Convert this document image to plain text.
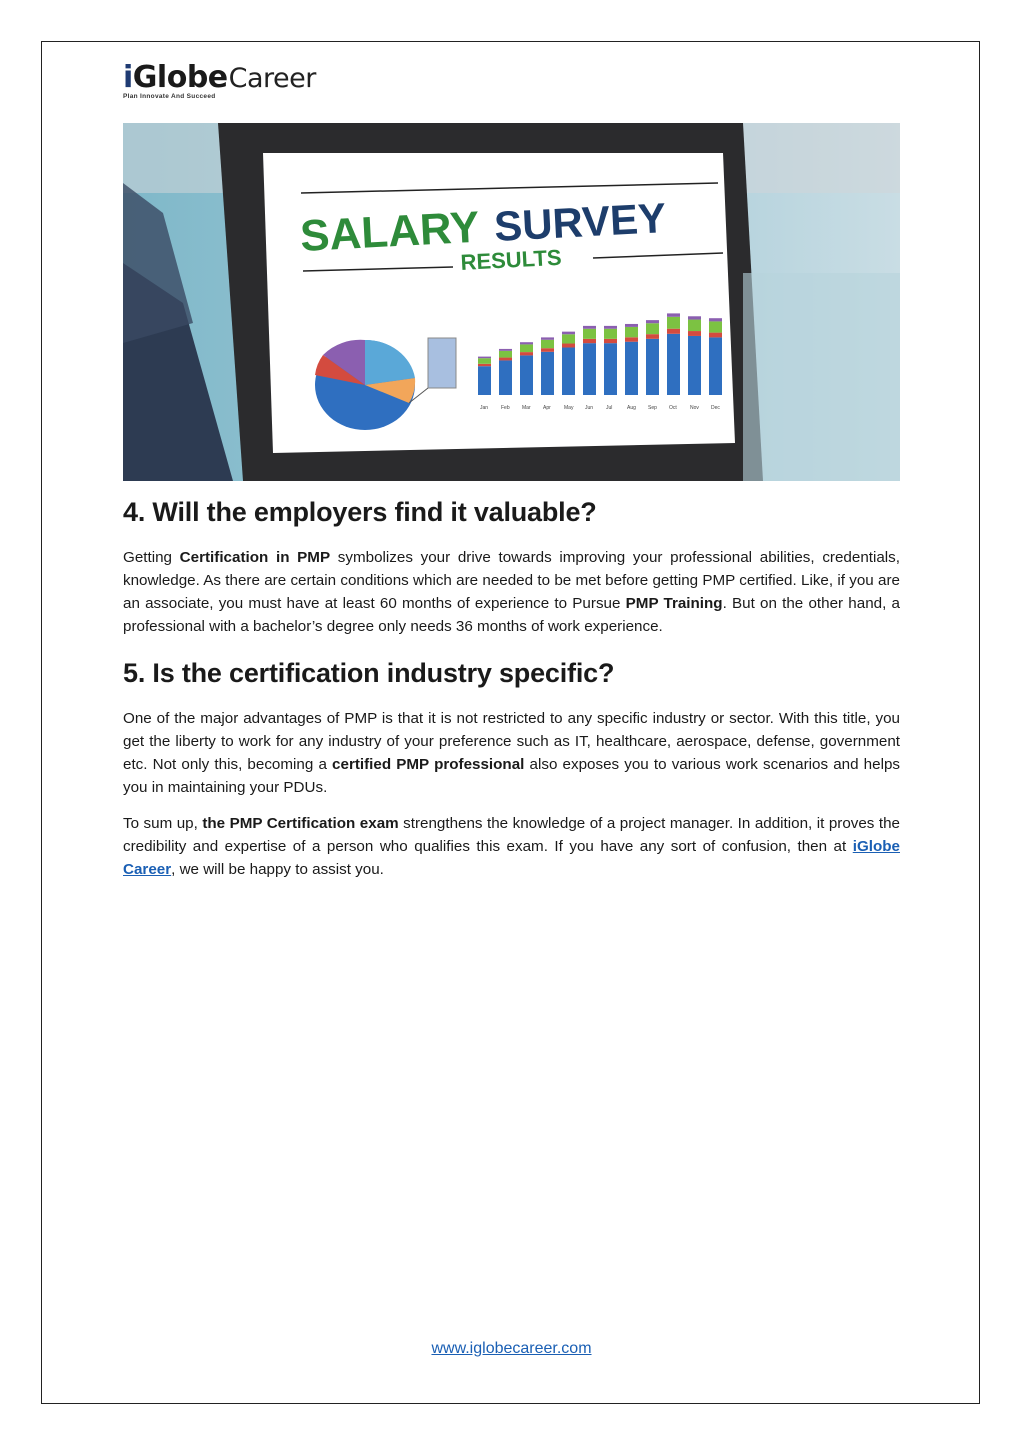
iGlobeCareer
Plan Innovate And Succeed
SALARY SURVEY
RESULTS
Jan	Feb Mar Apr	May Jun	Jul	Aug Sep Oct	Nov Dec
4. Will the employers find it valuable?

Getting Certification in PMP symbolizes your drive towards improving your professional abilities, credentials, knowledge. As there are certain conditions which are needed to be met before getting PMP certified. Like, if you are an associate, you must have at least 60 months of experience to Pursue PMP Training. But on the other hand, a professional with a bachelor’s degree only needs 36 months of work experience.

5. Is the certification industry specific?

One of the major advantages of PMP is that it is not restricted to any specific industry or sector. With this title, you get the liberty to work for any industry of your preference such as IT, healthcare, aerospace, defense, government etc. Not only this, becoming a certified PMP professional also exposes you to various work scenarios and helps you in maintaining your PDUs.

To sum up, the PMP Certification exam strengthens the knowledge of a project manager. In addition, it proves the credibility and expertise of a person who qualifies this exam. If you have any sort of confusion, then at iGlobe Career, we will be happy to assist you.

www.iglobecareer.com
